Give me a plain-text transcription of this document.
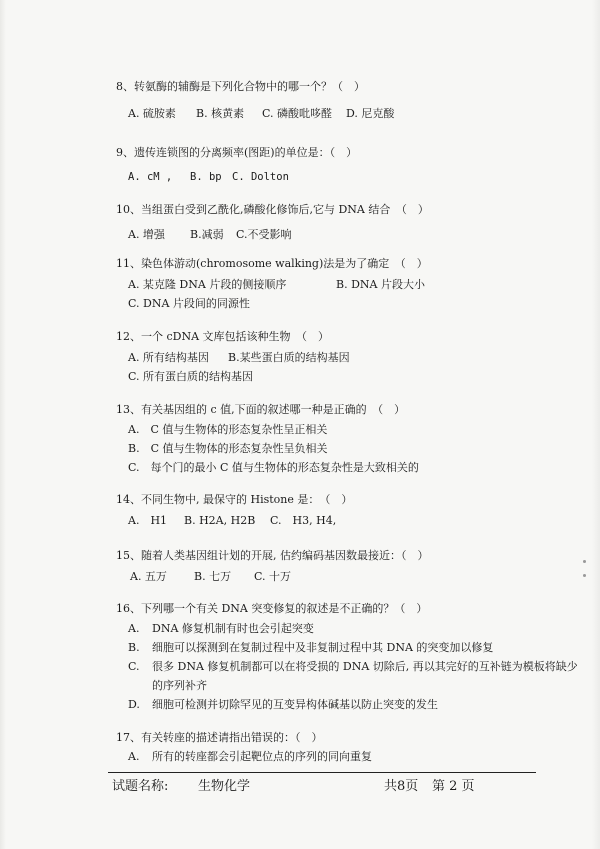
8、转氨酶的辅酶是下列化合物中的哪一个？（　）
A. 硫胺素 B. 核黄素 C. 磷酸吡哆醛 D. 尼克酸
9、遗传连锁图的分离频率(图距)的单位是：（　）
A. cM , B. bp C. Dolton
10、当组蛋白受到乙酰化,磷酸化修饰后,它与 DNA 结合　（　）
A. 增强 B.减弱 C.不受影响
11、染色体游动(chromosome walking)法是为了确定　（　）
A. 某克隆 DNA 片段的侧接顺序	B. DNA 片段大小
C. DNA 片段间的同源性
12、一个 cDNA 文库包括该种生物　（　）
A. 所有结构基因 B.某些蛋白质的结构基因
C. 所有蛋白质的结构基因
13、有关基因组的 c 值,下面的叙述哪一种是正确的　（　）
A.　C 值与生物体的形态复杂性呈正相关
B.　C 值与生物体的形态复杂性呈负相关
C.　每个门的最小 C 值与生物体的形态复杂性是大致相关的
14、不同生物中, 最保守的 Histone 是：　（　）
A.　H1 B. H2A, H2B C.　H3, H4,
15、随着人类基因组计划的开展, 估约编码基因数最接近：（　）
A. 五万 B. 七万 C. 十万
16、下列哪一个有关 DNA 突变修复的叙述是不正确的？（　）
A. DNA 修复机制有时也会引起突变
B. 细胞可以探测到在复制过程中及非复制过程中其 DNA 的突变加以修复
C. 很多 DNA 修复机制都可以在将受损的 DNA 切除后, 再以其完好的互补链为模板将缺少的序列补齐
D. 细胞可检测并切除罕见的互变异构体碱基以防止突变的发生
17、有关转座的描述请指出错误的：（　）
A. 所有的转座都会引起靶位点的序列的同向重复
试题名称: 生物化学	共8页 第 2 页
